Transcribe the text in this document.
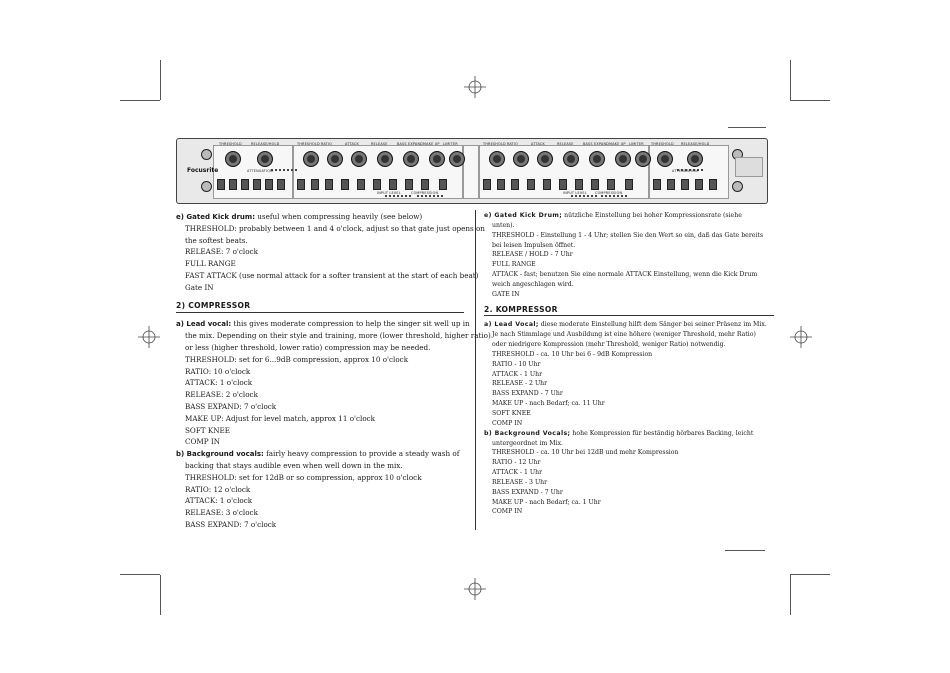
Focusrite
THRESHOLD	RELEASE/HOLD	THRESHOLD RATIO	ATTACK	RELEASE	BASS EXPAND MAKE UP LIMITER	THRESHOLD RATIO	ATTACK	RELEASE	BASS EXPAND MAKE UP LIMITER THRESHOLD RELEASE/HOLD
ATTENUATION
INPUT LEVEL	COMPRESSION	INPUT LEVEL COMPRESSION
ATTENUATION
e) Gated Kick drum: useful when compressing heavily (see below)
THRESHOLD: probably between 1 and 4 o'clock, adjust so that gate just opens on
the softest beats.
RELEASE: 7 o'clock
FULL RANGE
FAST ATTACK (use normal attack for a softer transient at the start of each beat)
Gate IN
2) COMPRESSOR
a) Lead vocal: this gives moderate compression to help the singer sit well up in
the mix. Depending on their style and training, more (lower threshold, higher ratio)
or less (higher threshold, lower ratio) compression may be needed.
THRESHOLD: set for 6...9dB compression, approx 10 o'clock
RATIO: 10 o'clock
ATTACK: 1 o'clock
RELEASE: 2 o'clock
BASS EXPAND: 7 o'clock
MAKE UP: Adjust for level match, approx 11 o'clock
SOFT KNEE
COMP IN
b) Background vocals: fairly heavy compression to provide a steady wash of
backing that stays audible even when well down in the mix.
THRESHOLD: set for 12dB or so compression, approx 10 o'clock
RATIO: 12 o'clock
ATTACK: 1 o'clock
RELEASE: 3 o'clock
BASS EXPAND: 7 o'clock
e) Gated Kick Drum; nützliche Einstellung bei hoher Kompressionsrate (siehe
unten).
THRESHOLD - Einstellung 1 - 4 Uhr; stellen Sie den Wert so ein, daß das Gate bereits
bei leisen Impulsen öffnet.
RELEASE / HOLD - 7 Uhr
FULL RANGE
ATTACK - fast; benutzen Sie eine normale ATTACK Einstellung, wenn die Kick Drum
weich angeschlagen wird.
GATE IN
2. KOMPRESSOR
a) Lead Vocal; diese moderate Einstellung hilft dem Sänger bei seiner Präsenz im Mix.
Je nach Stimmlage und Ausbildung ist eine höhere (weniger Threshold, mehr Ratio)
oder niedrigere Kompression (mehr Threshold, weniger Ratio) notwendig.
THRESHOLD - ca. 10 Uhr bei 6 - 9dB Kompression
RATIO - 10 Uhr
ATTACK - 1 Uhr
RELEASE - 2 Uhr
BASS EXPAND - 7 Uhr
MAKE UP - nach Bedarf; ca. 11 Uhr
SOFT KNEE
COMP IN
b) Background Vocals; hohe Kompression für beständig hörbares Backing, leicht
untergeordnet im Mix.
THRESHOLD - ca. 10 Uhr bei 12dB und mehr Kompression
RATIO - 12 Uhr
ATTACK - 1 Uhr
RELEASE - 3 Uhr
BASS EXPAND - 7 Uhr
MAKE UP - nach Bedarf; ca. 1 Uhr
COMP IN
